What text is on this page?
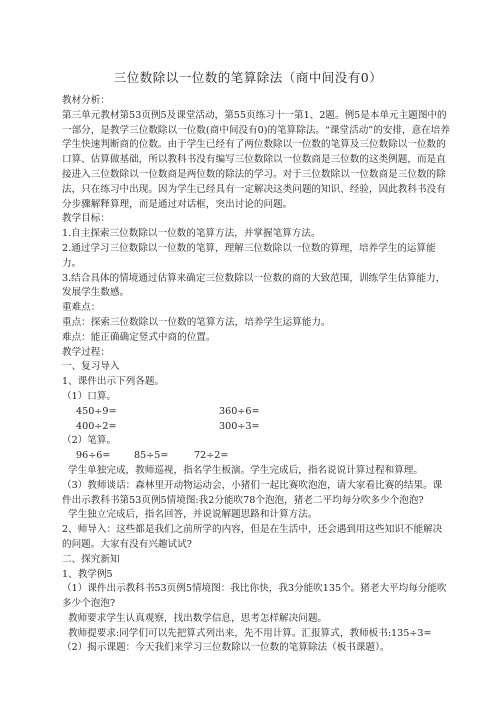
三位数除以一位数的笔算除法（商中间没有0）
教材分析：
第三单元教材第53页例5及课堂活动，第55页练习十一第1、2题。例5是本单元主题图中的一部分，是教学三位数除以一位数(商中间没有0)的笔算除法。“课堂活动”的安排，意在培养学生快速判断商的位数。由于学生已经有了两位数除以一位数的笔算及三位数除以一位数的口算、估算做基础，所以教科书没有编写三位数除以一位数商是三位数的这类例题，而是直接进入三位数除以一位数商是两位数的除法的学习。对于三位数除以一位数商是三位数的除法，只在练习中出现。因为学生已经具有一定解决这类问题的知识、经验，因此教科书没有分步骤解释算理，而是通过对话框，突出讨论的问题。
教学目标：
1.自主探索三位数除以一位数的笔算方法，并掌握笔算方法。
2.通过学习三位数除以一位数的笔算，理解三位数除以一位数的算理，培养学生的运算能力。
3.结合具体的情境通过估算来确定三位数除以一位数的商的大致范围，训练学生估算能力，发展学生数感。
重难点：
重点：探索三位数除以一位数的笔算方法，培养学生运算能力。
难点：能正确确定竖式中商的位置。
教学过程：
一、复习导入
1、课件出示下列各题。
（1）口算。
450÷9=	360÷6=
400÷2=	300÷3=
（2）笔算。
96÷6=	85÷5=	72÷2=
学生单独完成，教师巡视，指名学生板演。学生完成后，指名说说计算过程和算理。
（3）教师谈话：森林里开动物运动会，小猪们一起比赛吹泡泡，请大家看比赛的结果。课件出示教科书第53页例5情境图:我2分能吹78个泡泡，猪老二平均每分吹多少个泡泡?
学生独立完成后，指名回答，并说说解题思路和计算方法。
2、师导入：这些都是我们之前所学的内容，但是在生活中，还会遇到用这些知识不能解决的问题。大家有没有兴趣试试?
二、探究新知
1、教学例5
（1）课件出示教科书53页例5情境图：我比你快，我3分能吹135个。猪老大平均每分能吹多少个泡泡?
教师要求学生认真观察，找出数学信息，思考怎样解决问题。
教师提要求:同学们可以先把算式列出来，先不用计算。汇报算式，教师板书:135÷3=
（2）揭示课题：今天我们来学习三位数除以一位数的笔算除法（板书课题）。
